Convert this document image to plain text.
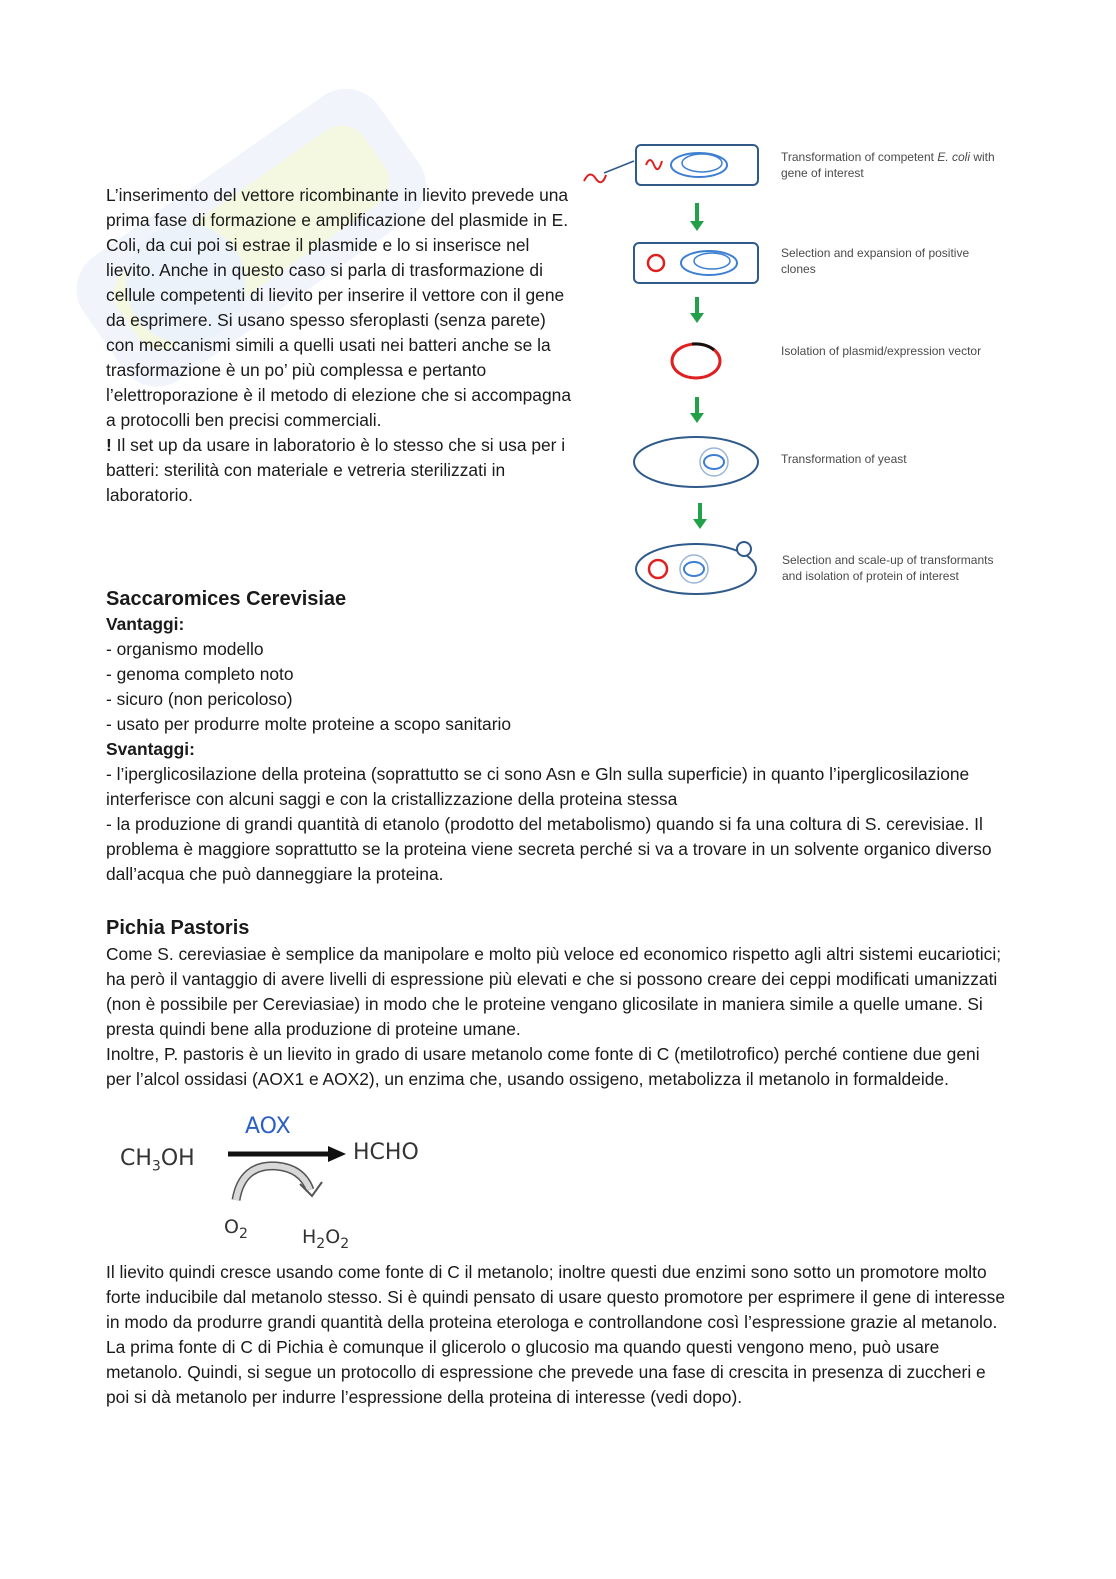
L’inserimento del vettore ricombinante in lievito prevede una prima fase di formazione e amplificazione del plasmide in E. Coli, da cui poi si estrae il plasmide e lo si inserisce nel lievito. Anche in questo caso si parla di trasformazione di cellule competenti di lievito per inserire il vettore con il gene da esprimere. Si usano spesso sferoplasti (senza parete) con meccanismi simili a quelli usati nei batteri anche se la trasformazione è un po’ più complessa e pertanto l’elettroporazione è il metodo di elezione che si accompagna a protocolli ben precisi commerciali.
! Il set up da usare in laboratorio è lo stesso che si usa per i batteri: sterilità con materiale e vetreria sterilizzati in laboratorio.

Transformation of competent E. coli with gene of interest
Selection and expansion of positive clones
Isolation of plasmid/expression vector
Transformation of yeast
Selection and scale-up of transformants and isolation of protein of interest
Saccaromices Cerevisiae

Vantaggi:

- organismo modello

- genoma completo noto

- sicuro (non pericoloso)

- usato per produrre molte proteine a scopo sanitario

Svantaggi:

- l’iperglicosilazione della proteina (soprattutto se ci sono Asn e Gln sulla superficie) in quanto l’iperglicosilazione interferisce con alcuni saggi e con la cristallizzazione della proteina stessa

- la produzione di grandi quantità di etanolo (prodotto del metabolismo) quando si fa una coltura di S. cerevisiae. Il problema è maggiore soprattutto se la proteina viene secreta perché si va a trovare in un solvente organico diverso dall’acqua che può danneggiare la proteina.

Pichia Pastoris

Come S. cereviasiae è semplice da manipolare e molto più veloce ed economico rispetto agli altri sistemi eucariotici; ha però il vantaggio di avere livelli di espressione più elevati e che si possono creare dei ceppi modificati umanizzati (non è possibile per Cereviasiae) in modo che le proteine vengano glicosilate in maniera simile a quelle umane. Si presta quindi bene alla produzione di proteine umane.

Inoltre, P. pastoris è un lievito in grado di usare metanolo come fonte di C (metilotrofico) perché contiene due geni per l’alcol ossidasi (AOX1 e AOX2), un enzima che, usando ossigeno, metabolizza il metanolo in formaldeide.

$CH_3OH$
AOX
HCHO
$O_2$	$H_2O_2$

Il lievito quindi cresce usando come fonte di C il metanolo; inoltre questi due enzimi sono sotto un promotore molto forte inducibile dal metanolo stesso. Si è quindi pensato di usare questo promotore per esprimere il gene di interesse in modo da produrre grandi quantità della proteina eterologa e controllandone così l’espressione grazie al metanolo.

La prima fonte di C di Pichia è comunque il glicerolo o glucosio ma quando questi vengono meno, può usare metanolo. Quindi, si segue un protocollo di espressione che prevede una fase di crescita in presenza di zuccheri e poi si dà metanolo per indurre l’espressione della proteina di interesse (vedi dopo).
